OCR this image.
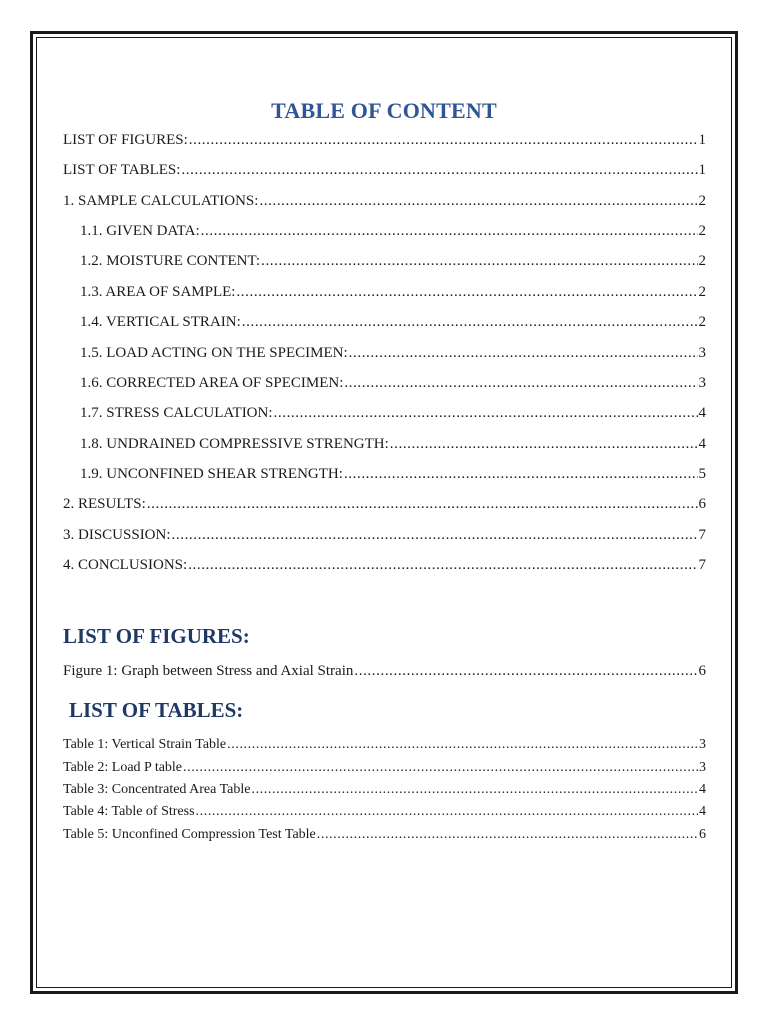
TABLE OF CONTENT
LIST OF FIGURES: .....	1
LIST OF TABLES: .....	1
1. SAMPLE CALCULATIONS: .....	2
1.1. GIVEN DATA: .....	2
1.2. MOISTURE CONTENT: .....	2
1.3. AREA OF SAMPLE: .....	2
1.4. VERTICAL STRAIN: .....	2
1.5. LOAD ACTING ON THE SPECIMEN: .....	3
1.6. CORRECTED AREA OF SPECIMEN: .....	3
1.7. STRESS CALCULATION: .....	4
1.8. UNDRAINED COMPRESSIVE STRENGTH: .....	4
1.9. UNCONFINED SHEAR STRENGTH: .....	5
2. RESULTS: .....	6
3. DISCUSSION: .....	7
4. CONCLUSIONS: .....	7
LIST OF FIGURES:
Figure 1: Graph between Stress and Axial Strain .....	6
LIST OF TABLES:
Table 1: Vertical Strain Table .....	3
Table 2: Load P table .....	3
Table 3: Concentrated Area Table .....	4
Table 4: Table of Stress .....	4
Table 5: Unconfined Compression Test Table .....	6
